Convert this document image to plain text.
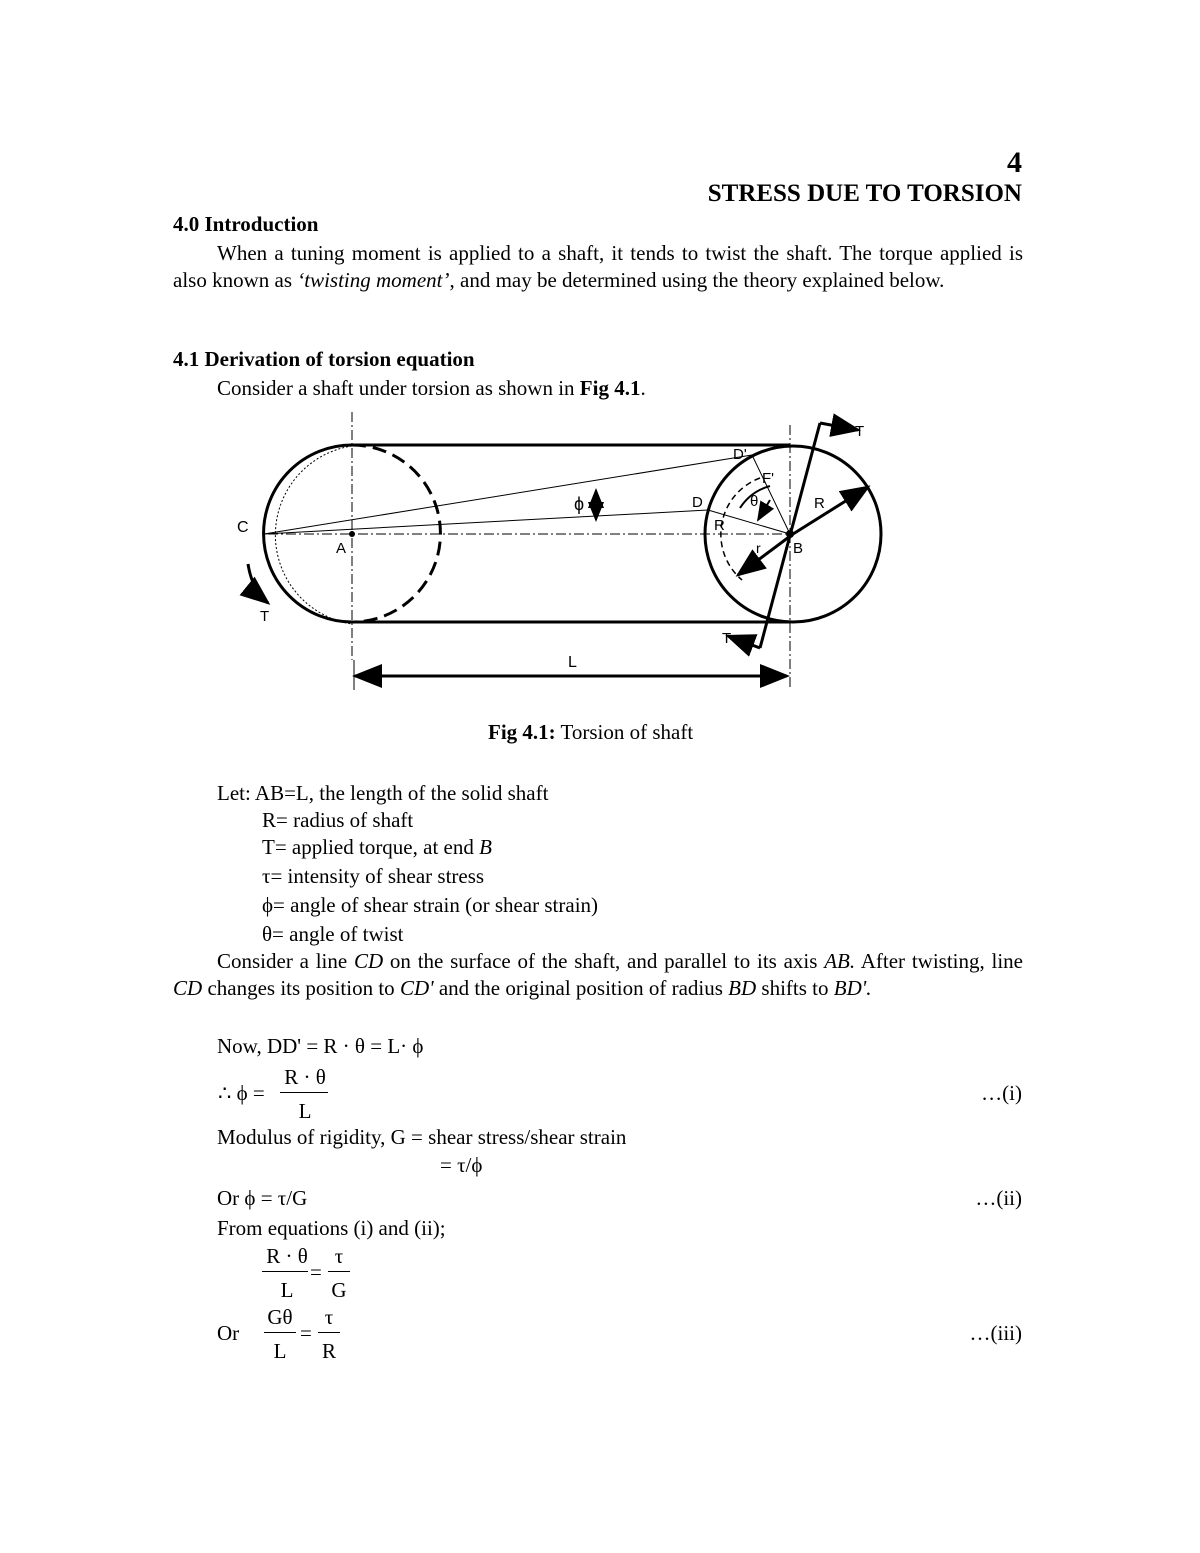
4
STRESS DUE TO TORSION
4.0 Introduction
When a tuning moment is applied to a shaft, it tends to twist the shaft. The torque applied is also known as ‘twisting moment’, and may be determined using the theory explained below.
4.1 Derivation of torsion equation
Consider a shaft under torsion as shown in Fig 4.1.
C
A	B
T
T
T
L
ϕ	θ
D
D'
F'
R
R
r
Fig 4.1: Torsion of shaft
Let: AB=L, the length of the solid shaft
R= radius of shaft
T= applied torque, at end B
τ= intensity of shear stress
ϕ= angle of shear strain (or shear strain)
θ= angle of twist
Consider a line CD on the surface of the shaft, and parallel to its axis AB. After twisting, line CD changes its position to CD' and the original position of radius BD shifts to BD'.
Now, DD' = R · θ = L· ϕ
∴ ϕ =
R · θ
L
…(i)
Modulus of rigidity, G = shear stress/shear strain
= τ/ϕ
Or ϕ = τ/G	…(ii)
From equations (i) and (ii);
R · θ
L
=
τ
G
Or
Gθ
L
=
τ
R
…(iii)
